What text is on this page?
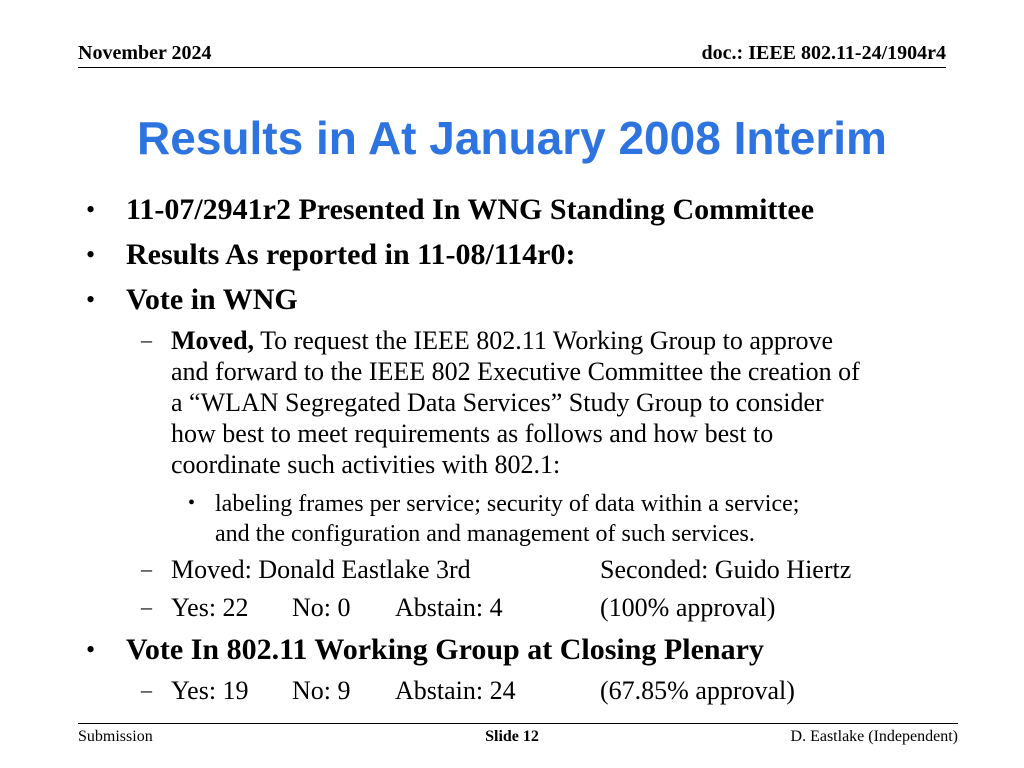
November 2024	doc.: IEEE 802.11-24/1904r4
Results in At January 2008 Interim
• 11-07/2941r2 Presented In WNG Standing Committee
• Results As reported in 11-08/114r0:
• Vote in WNG
– Moved, To request the IEEE 802.11 Working Group to approve
and forward to the IEEE 802 Executive Committee the creation of
a “WLAN Segregated Data Services” Study Group to consider
how best to meet requirements as follows and how best to
coordinate such activities with 802.1:
• labeling frames per service; security of data within a service;
and the configuration and management of such services.
– Moved: Donald Eastlake 3rd	Seconded: Guido Hiertz
– Yes: 22 No: 0 Abstain: 4	(100% approval)
• Vote In 802.11 Working Group at Closing Plenary
– Yes: 19 No: 9 Abstain: 24	(67.85% approval)
Submission	Slide 12	D. Eastlake (Independent)
